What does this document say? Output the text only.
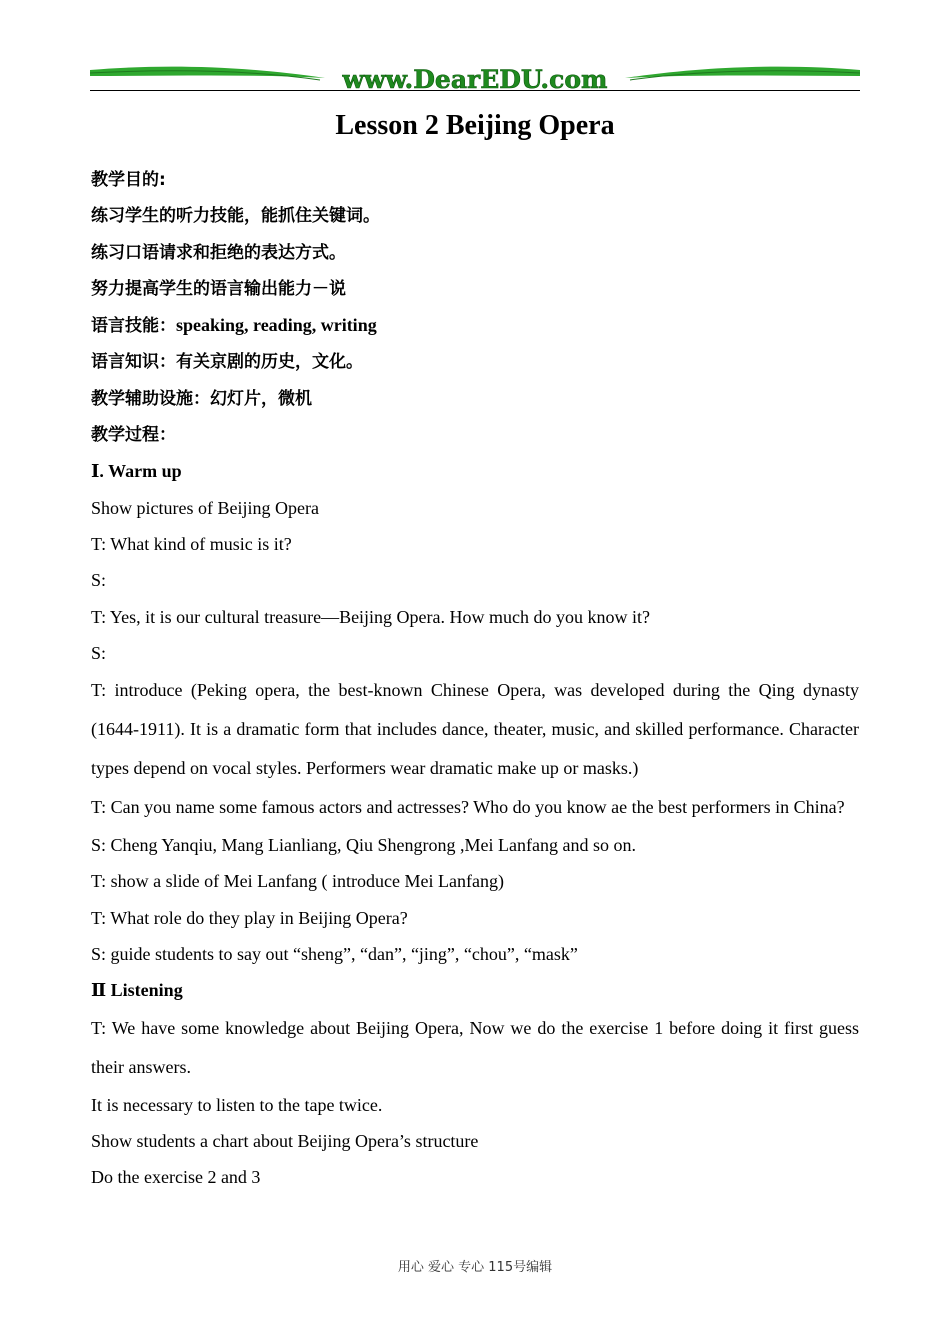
www.DearEDU.com
Lesson 2 Beijing Opera

教学目的:

练习学生的听力技能，能抓住关键词。

练习口语请求和拒绝的表达方式。

努力提高学生的语言输出能力－说

语言技能：speaking, reading, writing

语言知识：有关京剧的历史，文化。

教学辅助设施：幻灯片，微机

教学过程：

Ⅰ. Warm up

Show pictures of Beijing Opera

T: What kind of music is it?

S:

T: Yes, it is our cultural treasure—Beijing Opera. How much do you know it?

S:

T: introduce (Peking opera, the best-known Chinese Opera, was developed during the Qing dynasty (1644-1911). It is a dramatic form that includes dance, theater, music, and skilled performance. Character types depend on vocal styles. Performers wear dramatic make up or masks.)

T: Can you name some famous actors and actresses? Who do you know ae the best performers in China?

S: Cheng Yanqiu, Mang Lianliang, Qiu Shengrong ,Mei Lanfang and so on.

T: show a slide of Mei Lanfang ( introduce Mei Lanfang)

T: What role do they play in Beijing Opera?

S: guide students to say out “sheng”, “dan”, “jing”, “chou”, “mask”

Ⅱ Listening

T: We have some knowledge about Beijing Opera, Now we do the exercise 1 before doing it first guess their answers.

It is necessary to listen to the tape twice.

Show students a chart about Beijing Opera’s structure

Do the exercise 2 and 3

用心 爱心 专心 115号编辑
